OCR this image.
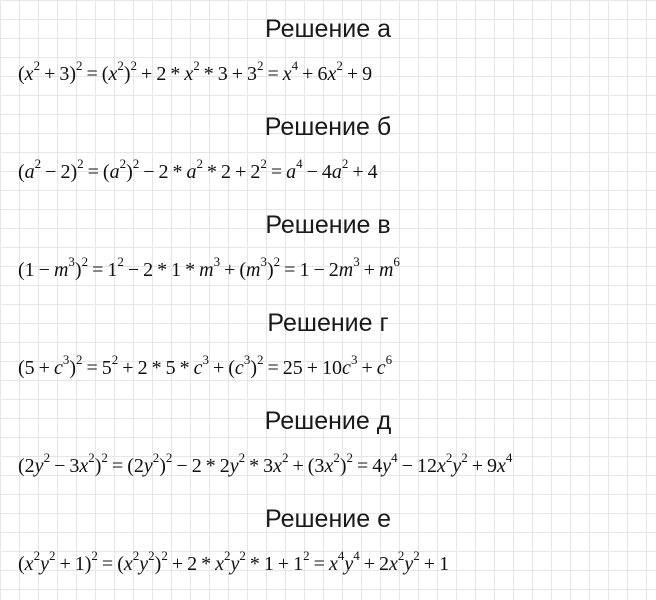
Решение а
$(x^2 + 3)^2 = (x^2)^2 + 2 * x^2 * 3 + 3^2 = x^4 + 6x^2 + 9$
Решение б
$(a^2 - 2)^2 = (a^2)^2 - 2 * a^2 * 2 + 2^2 = a^4 - 4a^2 + 4$
Решение в
$(1 - m^3)^2 = 1^2 - 2 * 1 * m^3 + (m^3)^2 = 1 - 2m^3 + m^6$
Решение г
$(5 + c^3)^2 = 5^2 + 2 * 5 * c^3 + (c^3)^2 = 25 + 10c^3 + c^6$
Решение д
$(2y^2 - 3x^2)^2 = (2y^2)^2 - 2 * 2y^2 * 3x^2 + (3x^2)^2 = 4y^4 - 12x^2y^2 + 9x^4$
Решение е
$(x^2y^2 + 1)^2 = (x^2y^2)^2 + 2 * x^2y^2 * 1 + 1^2 = x^4y^4 + 2x^2y^2 + 1$
